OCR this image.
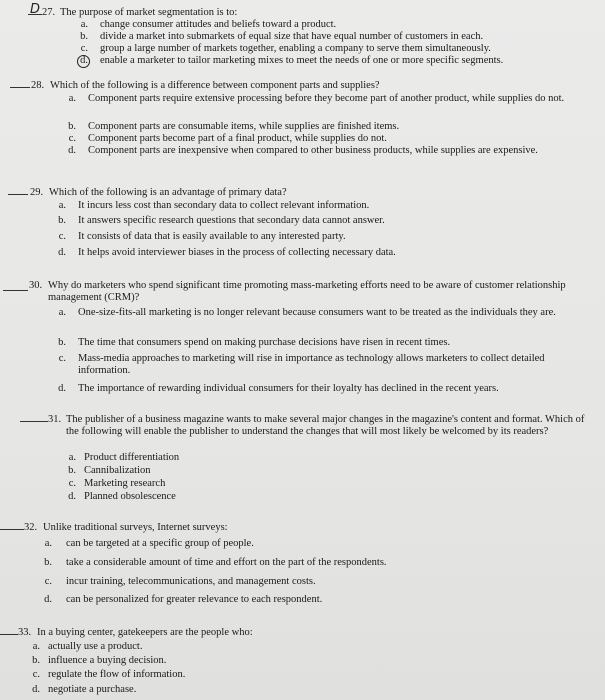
D 27. The purpose of market segmentation is to:
a. change consumer attitudes and beliefs toward a product.
b. divide a market into submarkets of equal size that have equal number of customers in each.
c. group a large number of markets together, enabling a company to serve them simultaneously.
d. enable a marketer to tailor marketing mixes to meet the needs of one or more specific segments.
28. Which of the following is a difference between component parts and supplies?
a. Component parts require extensive processing before they become part of another product, while supplies do not.
b. Component parts are consumable items, while supplies are finished items.
c. Component parts become part of a final product, while supplies do not.
d. Component parts are inexpensive when compared to other business products, while supplies are expensive.
29. Which of the following is an advantage of primary data?
a. It incurs less cost than secondary data to collect relevant information.
b. It answers specific research questions that secondary data cannot answer.
c. It consists of data that is easily available to any interested party.
d. It helps avoid interviewer biases in the process of collecting necessary data.
30. Why do marketers who spend significant time promoting mass-marketing efforts need to be aware of customer relationship management (CRM)?
a. One-size-fits-all marketing is no longer relevant because consumers want to be treated as the individuals they are.
b. The time that consumers spend on making purchase decisions have risen in recent times.
c. Mass-media approaches to marketing will rise in importance as technology allows marketers to collect detailed information.
d. The importance of rewarding individual consumers for their loyalty has declined in the recent years.
31. The publisher of a business magazine wants to make several major changes in the magazine's content and format. Which of the following will enable the publisher to understand the changes that will most likely be welcomed by its readers?
a. Product differentiation
b. Cannibalization
c. Marketing research
d. Planned obsolescence
32. Unlike traditional surveys, Internet surveys:
a. can be targeted at a specific group of people.
b. take a considerable amount of time and effort on the part of the respondents.
c. incur training, telecommunications, and management costs.
d. can be personalized for greater relevance to each respondent.
33. In a buying center, gatekeepers are the people who:
a. actually use a product.
b. influence a buying decision.
c. regulate the flow of information.
d. negotiate a purchase.
